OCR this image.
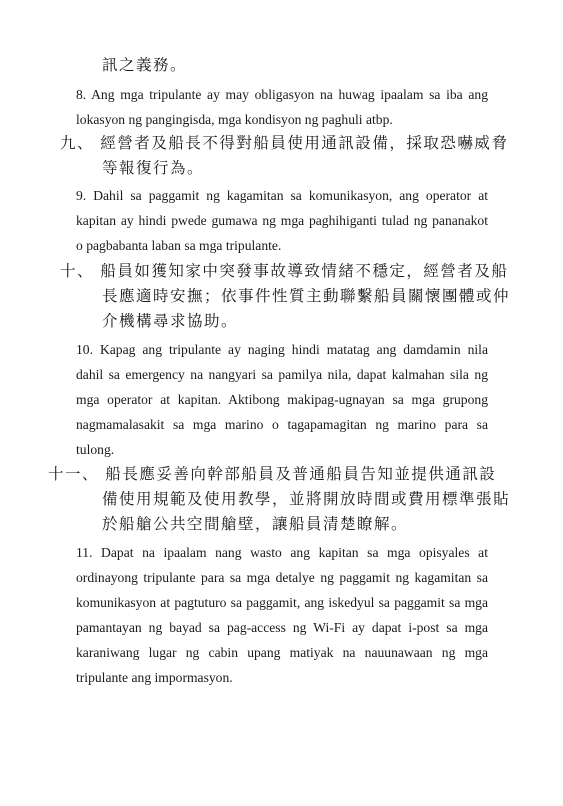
訊之義務。
8. Ang mga tripulante ay may obligasyon na huwag ipaalam sa iba ang
lokasyon ng pangingisda, mga kondisyon ng paghuli atbp.
九、 經營者及船長不得對船員使用通訊設備，採取恐嚇威脅
等報復行為。
9. Dahil sa paggamit ng kagamitan sa komunikasyon, ang operator at
kapitan ay hindi pwede gumawa ng mga paghihiganti tulad ng pananakot
o pagbabanta laban sa mga tripulante.
十、 船員如獲知家中突發事故導致情緒不穩定，經營者及船
長應適時安撫；依事件性質主動聯繫船員關懷團體或仲
介機構尋求協助。
10. Kapag ang tripulante ay naging hindi matatag ang damdamin nila
dahil sa emergency na nangyari sa pamilya nila, dapat kalmahan sila ng
mga operator at kapitan. Aktibong makipag-ugnayan sa mga grupong
nagmamalasakit sa mga marino o tagapamagitan ng marino para sa
tulong.
十一、 船長應妥善向幹部船員及普通船員告知並提供通訊設
備使用規範及使用教學，並將開放時間或費用標準張貼
於船艙公共空間艙壁，讓船員清楚瞭解。
11. Dapat na ipaalam nang wasto ang kapitan sa mga opisyales at
ordinayong tripulante para sa mga detalye ng paggamit ng kagamitan sa
komunikasyon at pagtuturo sa paggamit, ang iskedyul sa paggamit sa mga
pamantayan ng bayad sa pag-access ng Wi-Fi ay dapat i-post sa mga
karaniwang lugar ng cabin upang matiyak na nauunawaan ng mga
tripulante ang impormasyon.
